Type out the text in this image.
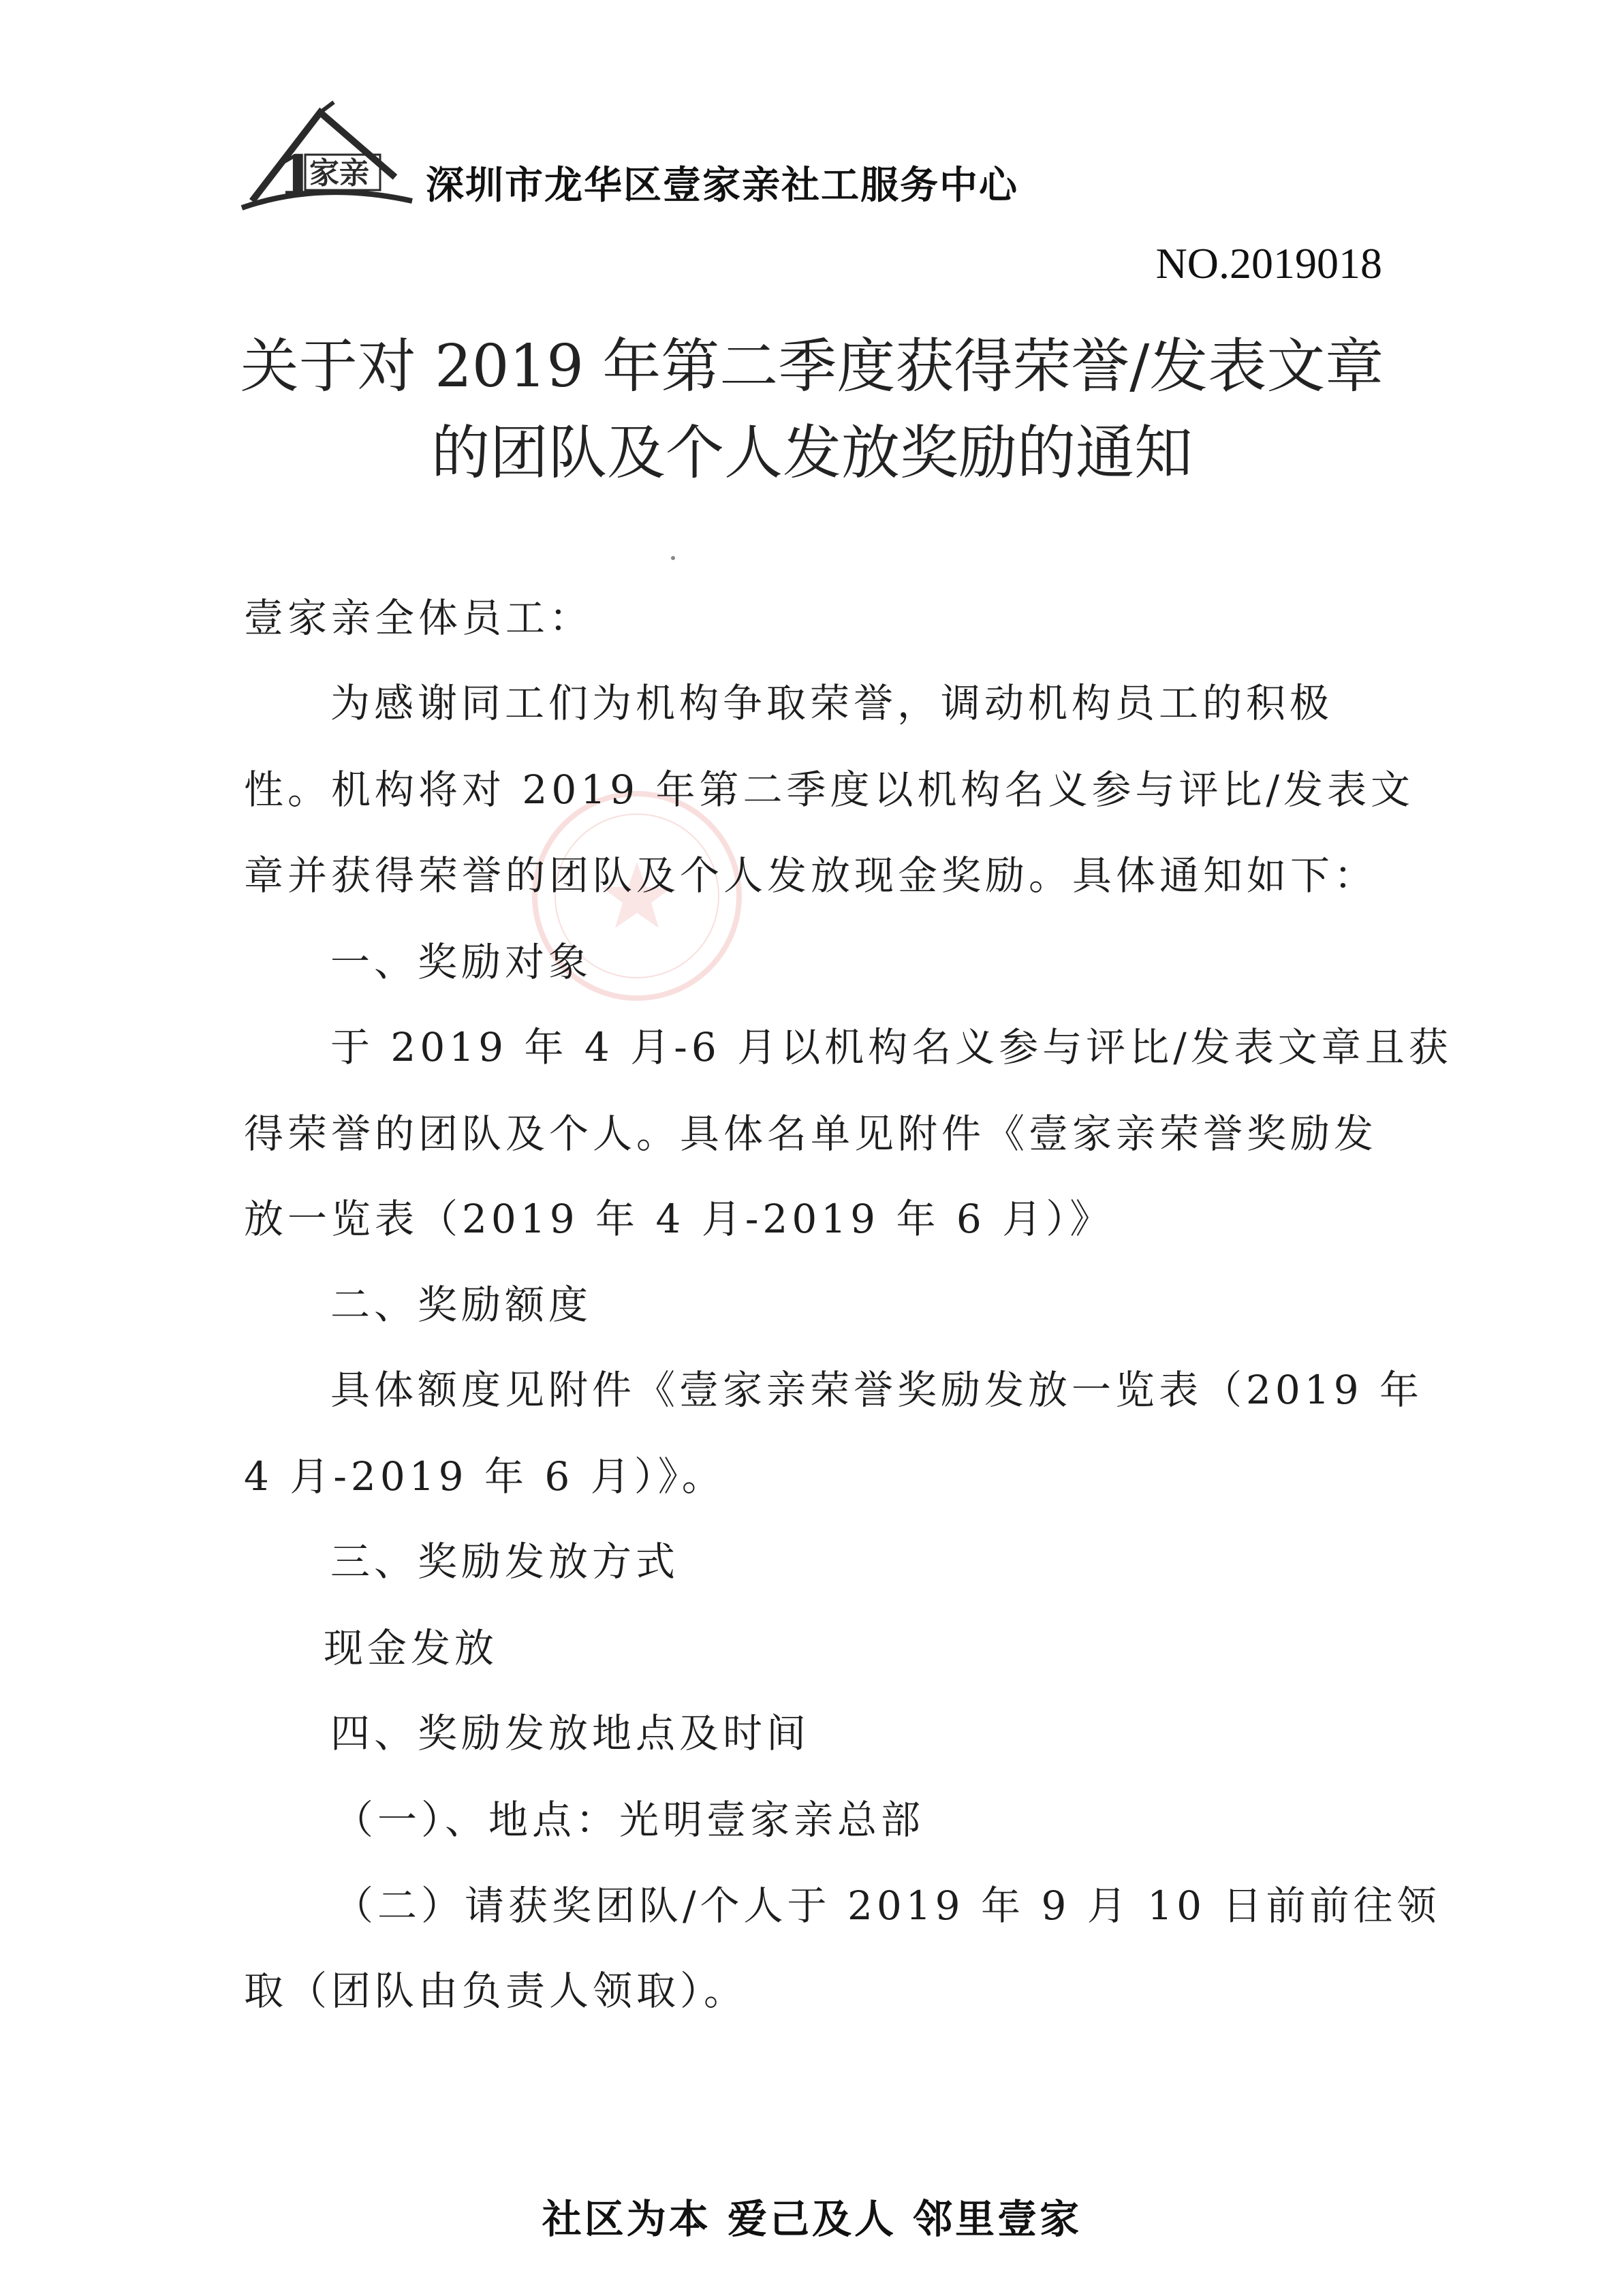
1
家亲 深圳市龙华区壹家亲社工服务中心
NO.2019018
关于对 2019 年第二季度获得荣誉/发表文章
的团队及个人发放奖励的通知
壹家亲全体员工：
为感谢同工们为机构争取荣誉，调动机构员工的积极
性。机构将对 2019 年第二季度以机构名义参与评比/发表文
章并获得荣誉的团队及个人发放现金奖励。具体通知如下：
一、奖励对象
于 2019 年 4 月-6 月以机构名义参与评比/发表文章且获
得荣誉的团队及个人。具体名单见附件《壹家亲荣誉奖励发
放一览表（2019 年 4 月-2019 年 6 月）》
二、奖励额度
具体额度见附件《壹家亲荣誉奖励发放一览表（2019 年
4 月-2019 年 6 月）》。
三、奖励发放方式
现金发放
四、奖励发放地点及时间
（一）、地点：光明壹家亲总部
（二）请获奖团队/个人于 2019 年 9 月 10 日前前往领
取（团队由负责人领取）。
社区为本 爱己及人 邻里壹家
